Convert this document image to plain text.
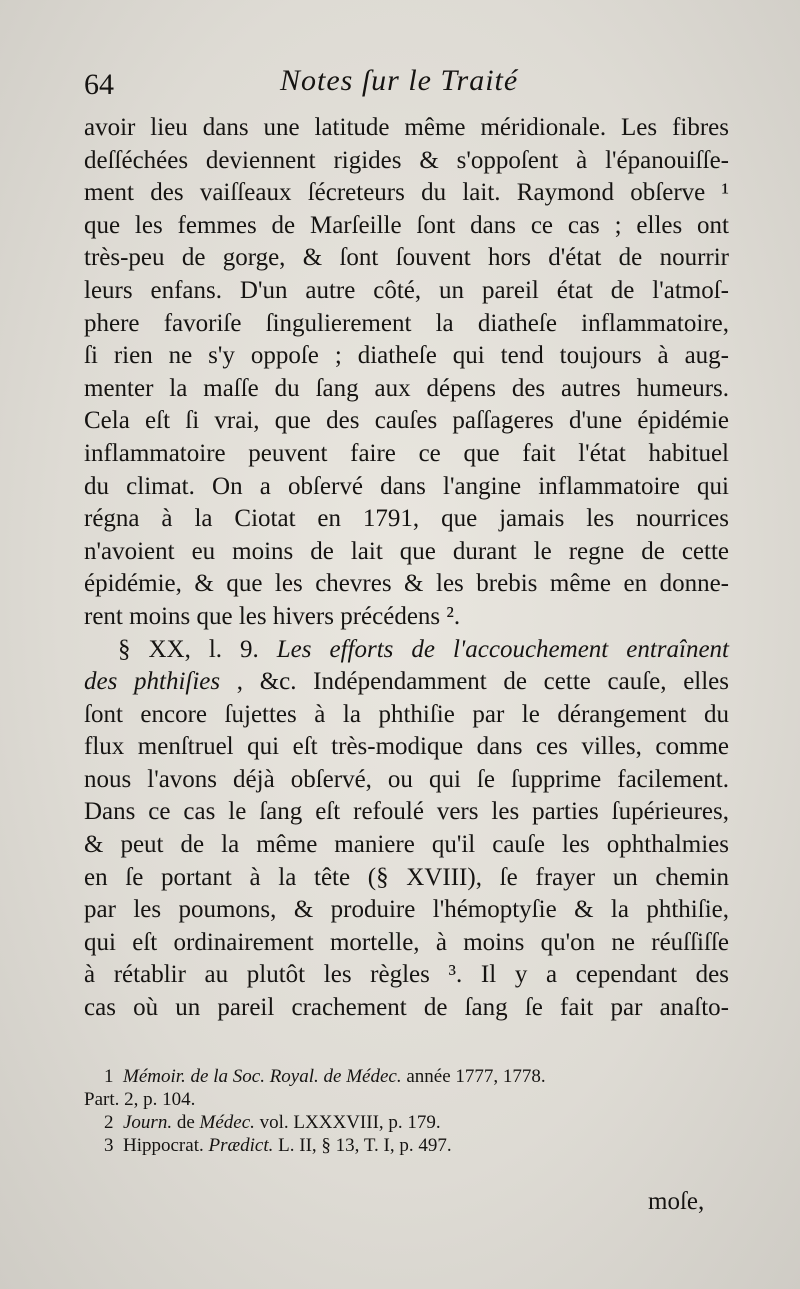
64	Notes ſur le Traité
avoir lieu dans une latitude même méridionale. Les fibres
deſſéchées deviennent rigides & s'oppoſent à l'épanouiſſe-
ment des vaiſſeaux ſécreteurs du lait. Raymond obſerve ¹
que les femmes de Marſeille ſont dans ce cas ; elles ont
très-peu de gorge, & ſont ſouvent hors d'état de nourrir
leurs enfans. D'un autre côté, un pareil état de l'atmoſ-
phere favoriſe ſingulierement la diatheſe inflammatoire,
ſi rien ne s'y oppoſe ; diatheſe qui tend toujours à aug-
menter la maſſe du ſang aux dépens des autres humeurs.
Cela eſt ſi vrai, que des cauſes paſſageres d'une épidémie
inflammatoire peuvent faire ce que fait l'état habituel
du climat. On a obſervé dans l'angine inflammatoire qui
régna à la Ciotat en 1791, que jamais les nourrices
n'avoient eu moins de lait que durant le regne de cette
épidémie, & que les chevres & les brebis même en donne-
rent moins que les hivers précédens ².
§ XX, l. 9. Les efforts de l'accouchement entraînent
des phthiſies , &c. Indépendamment de cette cauſe, elles
ſont encore ſujettes à la phthiſie par le dérangement du
flux menſtruel qui eſt très-modique dans ces villes, comme
nous l'avons déjà obſervé, ou qui ſe ſupprime facilement.
Dans ce cas le ſang eſt refoulé vers les parties ſupérieures,
& peut de la même maniere qu'il cauſe les ophthalmies
en ſe portant à la tête (§ XVIII), ſe frayer un chemin
par les poumons, & produire l'hémoptyſie & la phthiſie,
qui eſt ordinairement mortelle, à moins qu'on ne réuſſiſſe
à rétablir au plutôt les règles ³. Il y a cependant des
cas où un pareil crachement de ſang ſe fait par anaſto-
1 Mémoir. de la Soc. Royal. de Médec. année 1777, 1778.
Part. 2, p. 104.
2 Journ. de Médec. vol. LXXXVIII, p. 179.
3 Hippocrat. Prædict. L. II, § 13, T. I, p. 497.
moſe,
